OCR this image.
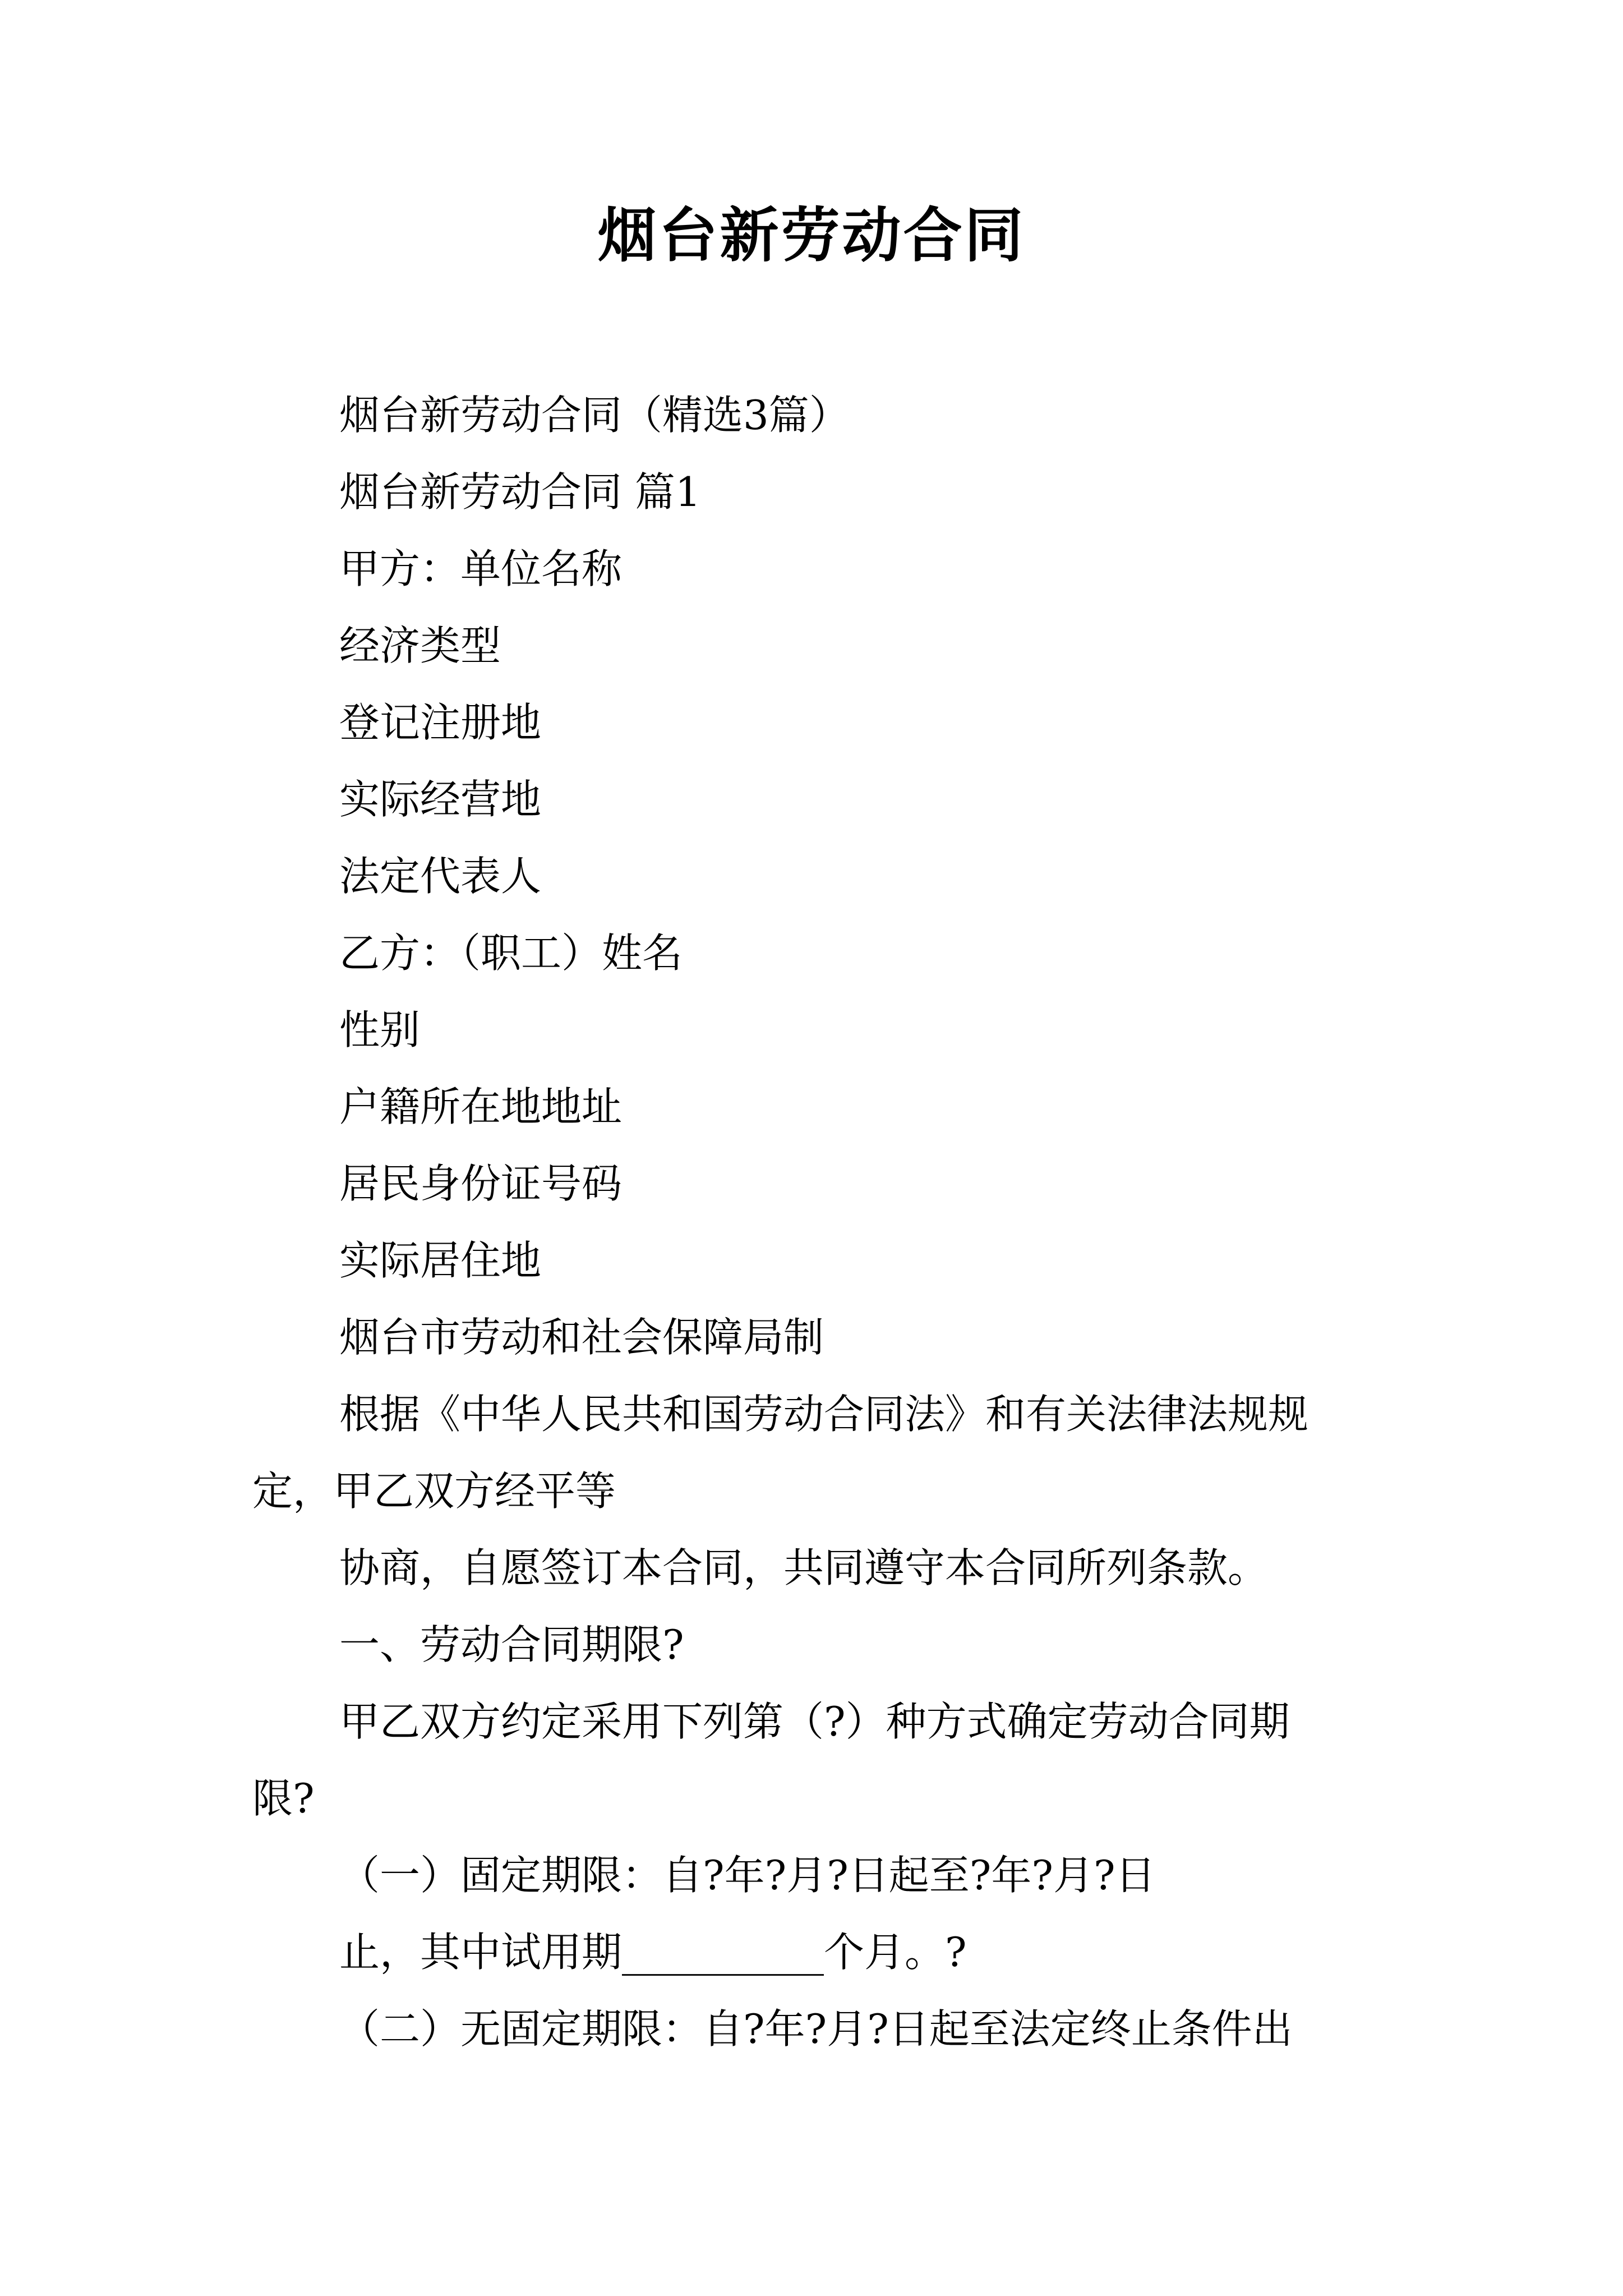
烟台新劳动合同

烟台新劳动合同（精选3篇）

烟台新劳动合同 篇1

甲方：单位名称

经济类型

登记注册地

实际经营地

法定代表人

乙方：（职工）姓名

性别

户籍所在地地址

居民身份证号码

实际居住地

烟台市劳动和社会保障局制

根据《中华人民共和国劳动合同法》和有关法律法规规

定，甲乙双方经平等

协商，自愿签订本合同，共同遵守本合同所列条款。

一、劳动合同期限?

甲乙双方约定采用下列第（?）种方式确定劳动合同期

限?

（一）固定期限：自?年?月?日起至?年?月?日

止，其中试用期__________个月。?

（二）无固定期限：自?年?月?日起至法定终止条件出
